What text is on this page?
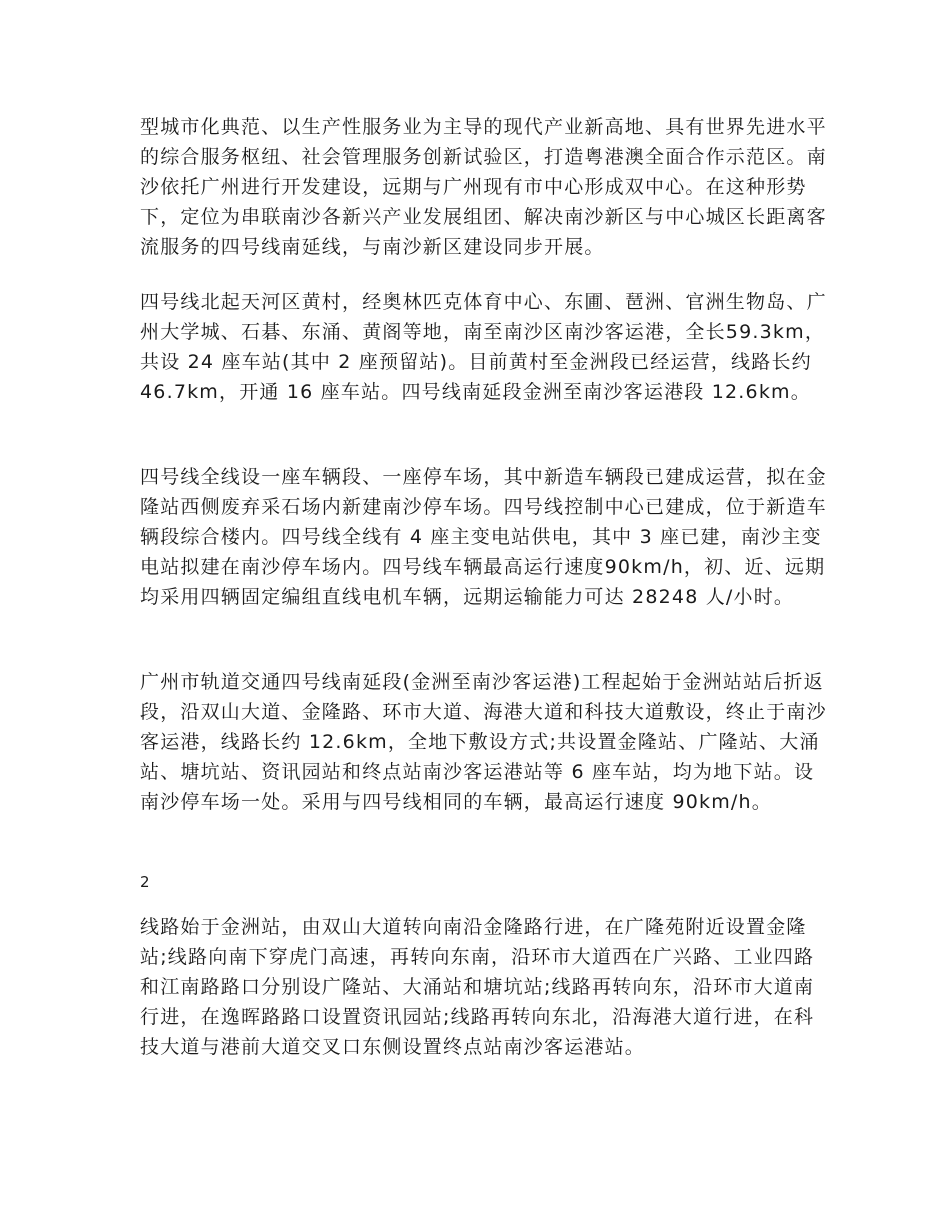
型城市化典范、以生产性服务业为主导的现代产业新高地、具有世界先进水平的综合服务枢纽、社会管理服务创新试验区，打造粤港澳全面合作示范区。南沙依托广州进行开发建设，远期与广州现有市中心形成双中心。在这种形势下，定位为串联南沙各新兴产业发展组团、解决南沙新区与中心城区长距离客流服务的四号线南延线，与南沙新区建设同步开展。

四号线北起天河区黄村，经奥林匹克体育中心、东圃、琶洲、官洲生物岛、广州大学城、石碁、东涌、黄阁等地，南至南沙区南沙客运港，全长59.3km，共设 24 座车站(其中 2 座预留站)。目前黄村至金洲段已经运营，线路长约 46.7km，开通 16 座车站。四号线南延段金洲至南沙客运港段 12.6km。

四号线全线设一座车辆段、一座停车场，其中新造车辆段已建成运营，拟在金隆站西侧废弃采石场内新建南沙停车场。四号线控制中心已建成，位于新造车辆段综合楼内。四号线全线有 4 座主变电站供电，其中 3 座已建，南沙主变电站拟建在南沙停车场内。四号线车辆最高运行速度90km/h，初、近、远期均采用四辆固定编组直线电机车辆，远期运输能力可达 28248 人/小时。

广州市轨道交通四号线南延段(金洲至南沙客运港)工程起始于金洲站站后折返段，沿双山大道、金隆路、环市大道、海港大道和科技大道敷设，终止于南沙客运港，线路长约 12.6km，全地下敷设方式;共设置金隆站、广隆站、大涌站、塘坑站、资讯园站和终点站南沙客运港站等 6 座车站，均为地下站。设南沙停车场一处。采用与四号线相同的车辆，最高运行速度 90km/h。

2

线路始于金洲站，由双山大道转向南沿金隆路行进，在广隆苑附近设置金隆站;线路向南下穿虎门高速，再转向东南，沿环市大道西在广兴路、工业四路和江南路路口分别设广隆站、大涌站和塘坑站;线路再转向东，沿环市大道南行进，在逸晖路路口设置资讯园站;线路再转向东北，沿海港大道行进，在科技大道与港前大道交叉口东侧设置终点站南沙客运港站。
